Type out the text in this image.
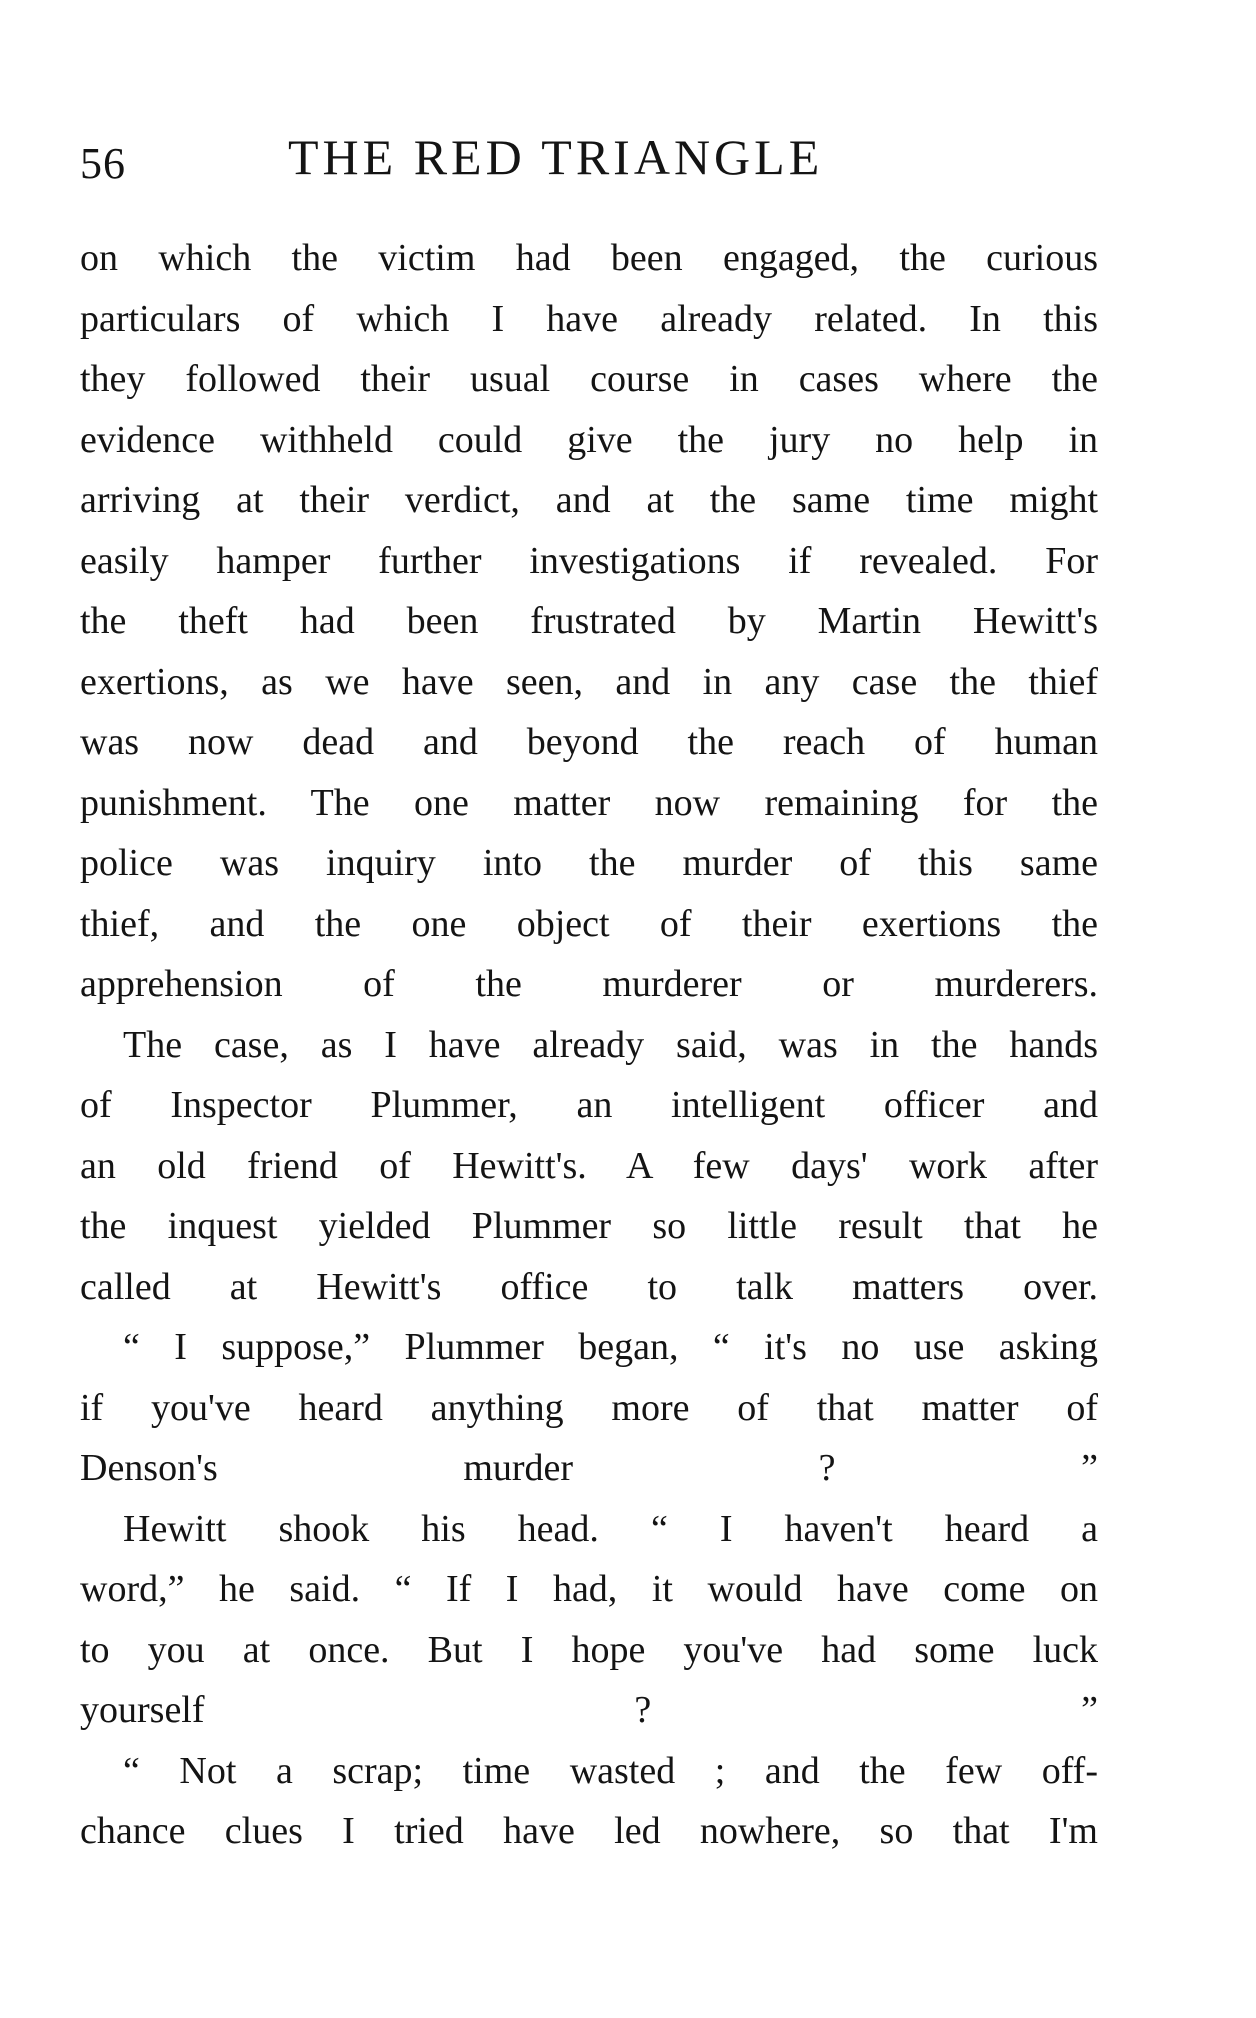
56	THE RED TRIANGLE

on which the victim had been engaged, the curious
particulars of which I have already related. In this
they followed their usual course in cases where the
evidence withheld could give the jury no help in
arriving at their verdict, and at the same time might
easily hamper further investigations if revealed. For
the theft had been frustrated by Martin Hewitt's
exertions, as we have seen, and in any case the thief
was now dead and beyond the reach of human
punishment. The one matter now remaining for the
police was inquiry into the murder of this same
thief, and the one object of their exertions the
apprehension of the murderer or murderers.

The case, as I have already said, was in the hands
of Inspector Plummer, an intelligent officer and
an old friend of Hewitt's. A few days' work after
the inquest yielded Plummer so little result that he
called at Hewitt's office to talk matters over.

“ I suppose,” Plummer began, “ it's no use asking
if you've heard anything more of that matter of
Denson's murder ? ”

Hewitt shook his head. “ I haven't heard a
word,” he said. “ If I had, it would have come on
to you at once. But I hope you've had some luck
yourself ? ”

“ Not a scrap; time wasted ; and the few off-
chance clues I tried have led nowhere, so that I'm
